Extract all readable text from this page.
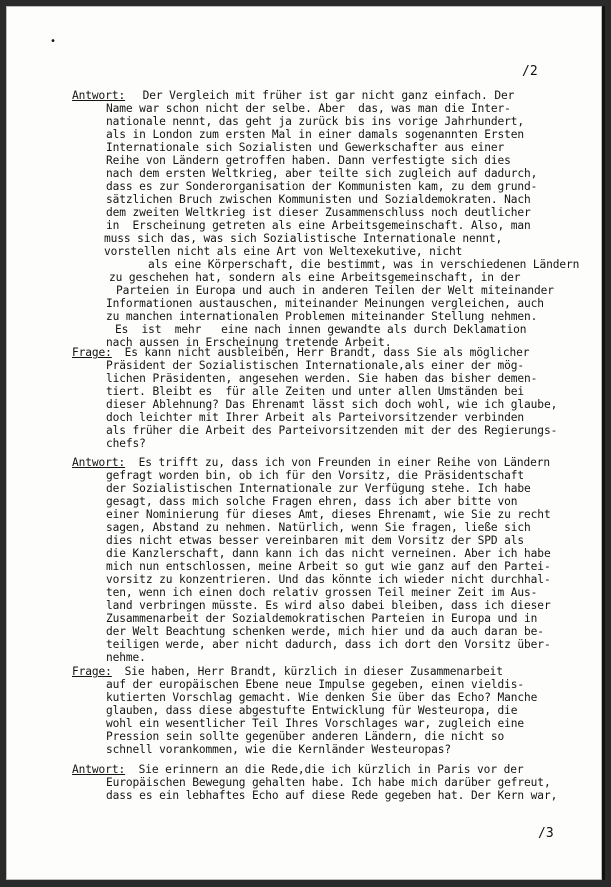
•
/2
Antwort: Der Vergleich mit früher ist gar nicht ganz einfach. Der
Name war schon nicht der selbe. Aber  das, was man die Inter-
nationale nennt, das geht ja zurück bis ins vorige Jahrhundert,
als in London zum ersten Mal in einer damals sogenannten Ersten
Internationale sich Sozialisten und Gewerkschafter aus einer
Reihe von Ländern getroffen haben. Dann verfestigte sich dies
nach dem ersten Weltkrieg, aber teilte sich zugleich auf dadurch,
dass es zur Sonderorganisation der Kommunisten kam, zu dem grund-
sätzlichen Bruch zwischen Kommunisten und Sozialdemokraten. Nach
dem zweiten Weltkrieg ist dieser Zusammenschluss noch deutlicher
in  Erscheinung getreten als eine Arbeitsgemeinschaft. Also, man
muss sich das, was sich Sozialistische Internationale nennt,
vorstellen nicht als eine Art von Weltexekutive, nicht
als eine Körperschaft, die bestimmt, was in verschiedenen Ländern
zu geschehen hat, sondern als eine Arbeitsgemeinschaft, in der
Parteien in Europa und auch in anderen Teilen der Welt miteinander
Informationen austauschen, miteinander Meinungen vergleichen, auch
zu manchen internationalen Problemen miteinander Stellung nehmen.
Es  ist  mehr   eine nach innen gewandte als durch Deklamation
nach aussen in Erscheinung tretende Arbeit.
Frage: Es kann nicht ausbleiben, Herr Brandt, dass Sie als möglicher
Präsident der Sozialistischen Internationale,als einer der mög-
lichen Präsidenten, angesehen werden. Sie haben das bisher demen-
tiert. Bleibt es  für alle Zeiten und unter allen Umständen bei
dieser Ablehnung? Das Ehrenamt lässt sich doch wohl, wie ich glaube,
doch leichter mit Ihrer Arbeit als Parteivorsitzender verbinden
als früher die Arbeit des Parteivorsitzenden mit der des Regierungs-
chefs?
Antwort: Es trifft zu, dass ich von Freunden in einer Reihe von Ländern
gefragt worden bin, ob ich für den Vorsitz, die Präsidentschaft
der Sozialistischen Internationale zur Verfügung stehe. Ich habe
gesagt, dass mich solche Fragen ehren, dass ich aber bitte von
einer Nominierung für dieses Amt, dieses Ehrenamt, wie Sie zu recht
sagen, Abstand zu nehmen. Natürlich, wenn Sie fragen, ließe sich
dies nicht etwas besser vereinbaren mit dem Vorsitz der SPD als
die Kanzlerschaft, dann kann ich das nicht verneinen. Aber ich habe
mich nun entschlossen, meine Arbeit so gut wie ganz auf den Partei-
vorsitz zu konzentrieren. Und das könnte ich wieder nicht durchhal-
ten, wenn ich einen doch relativ grossen Teil meiner Zeit im Aus-
land verbringen müsste. Es wird also dabei bleiben, dass ich dieser
Zusammenarbeit der Sozialdemokratischen Parteien in Europa und in
der Welt Beachtung schenken werde, mich hier und da auch daran be-
teiligen werde, aber nicht dadurch, dass ich dort den Vorsitz über-
nehme.
Frage: Sie haben, Herr Brandt, kürzlich in dieser Zusammenarbeit
auf der europäischen Ebene neue Impulse gegeben, einen vieldis-
kutierten Vorschlag gemacht. Wie denken Sie über das Echo? Manche
glauben, dass diese abgestufte Entwicklung für Westeuropa, die
wohl ein wesentlicher Teil Ihres Vorschlages war, zugleich eine
Pression sein sollte gegenüber anderen Ländern, die nicht so
schnell vorankommen, wie die Kernländer Westeuropas?
Antwort: Sie erinnern an die Rede,die ich kürzlich in Paris vor der
Europäischen Bewegung gehalten habe. Ich habe mich darüber gefreut,
dass es ein lebhaftes Echo auf diese Rede gegeben hat. Der Kern war,
/3
